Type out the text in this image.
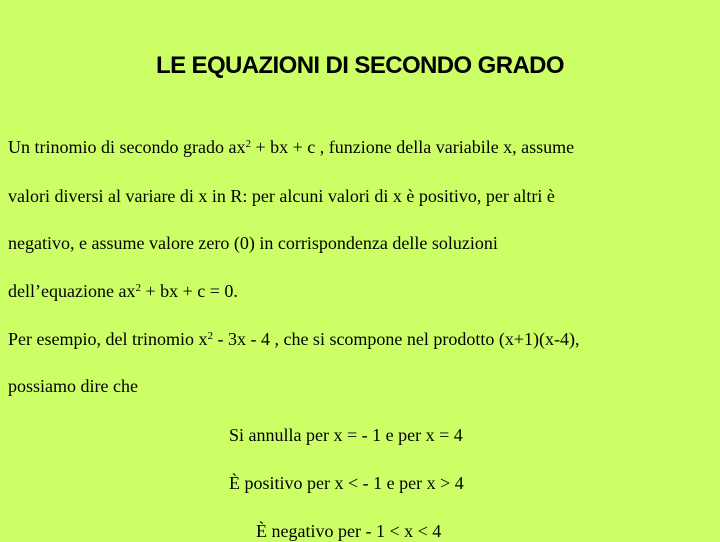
LE EQUAZIONI DI SECONDO GRADO
Un trinomio di secondo grado $ax^2$ + bx + c , funzione della variabile x, assume
valori diversi al variare di x in R: per alcuni valori di x è positivo, per altri è
negativo, e assume valore zero (0) in corrispondenza delle soluzioni
dell’equazione $ax^2$ + bx + c = 0.
Per esempio, del trinomio $x^2 - 3x - 4$ , che si scompone nel prodotto (x+1)(x-4),
possiamo dire che
Si annulla per x = - 1 e per x = 4
È positivo per x < - 1 e per x > 4
È negativo per - 1 < x < 4
